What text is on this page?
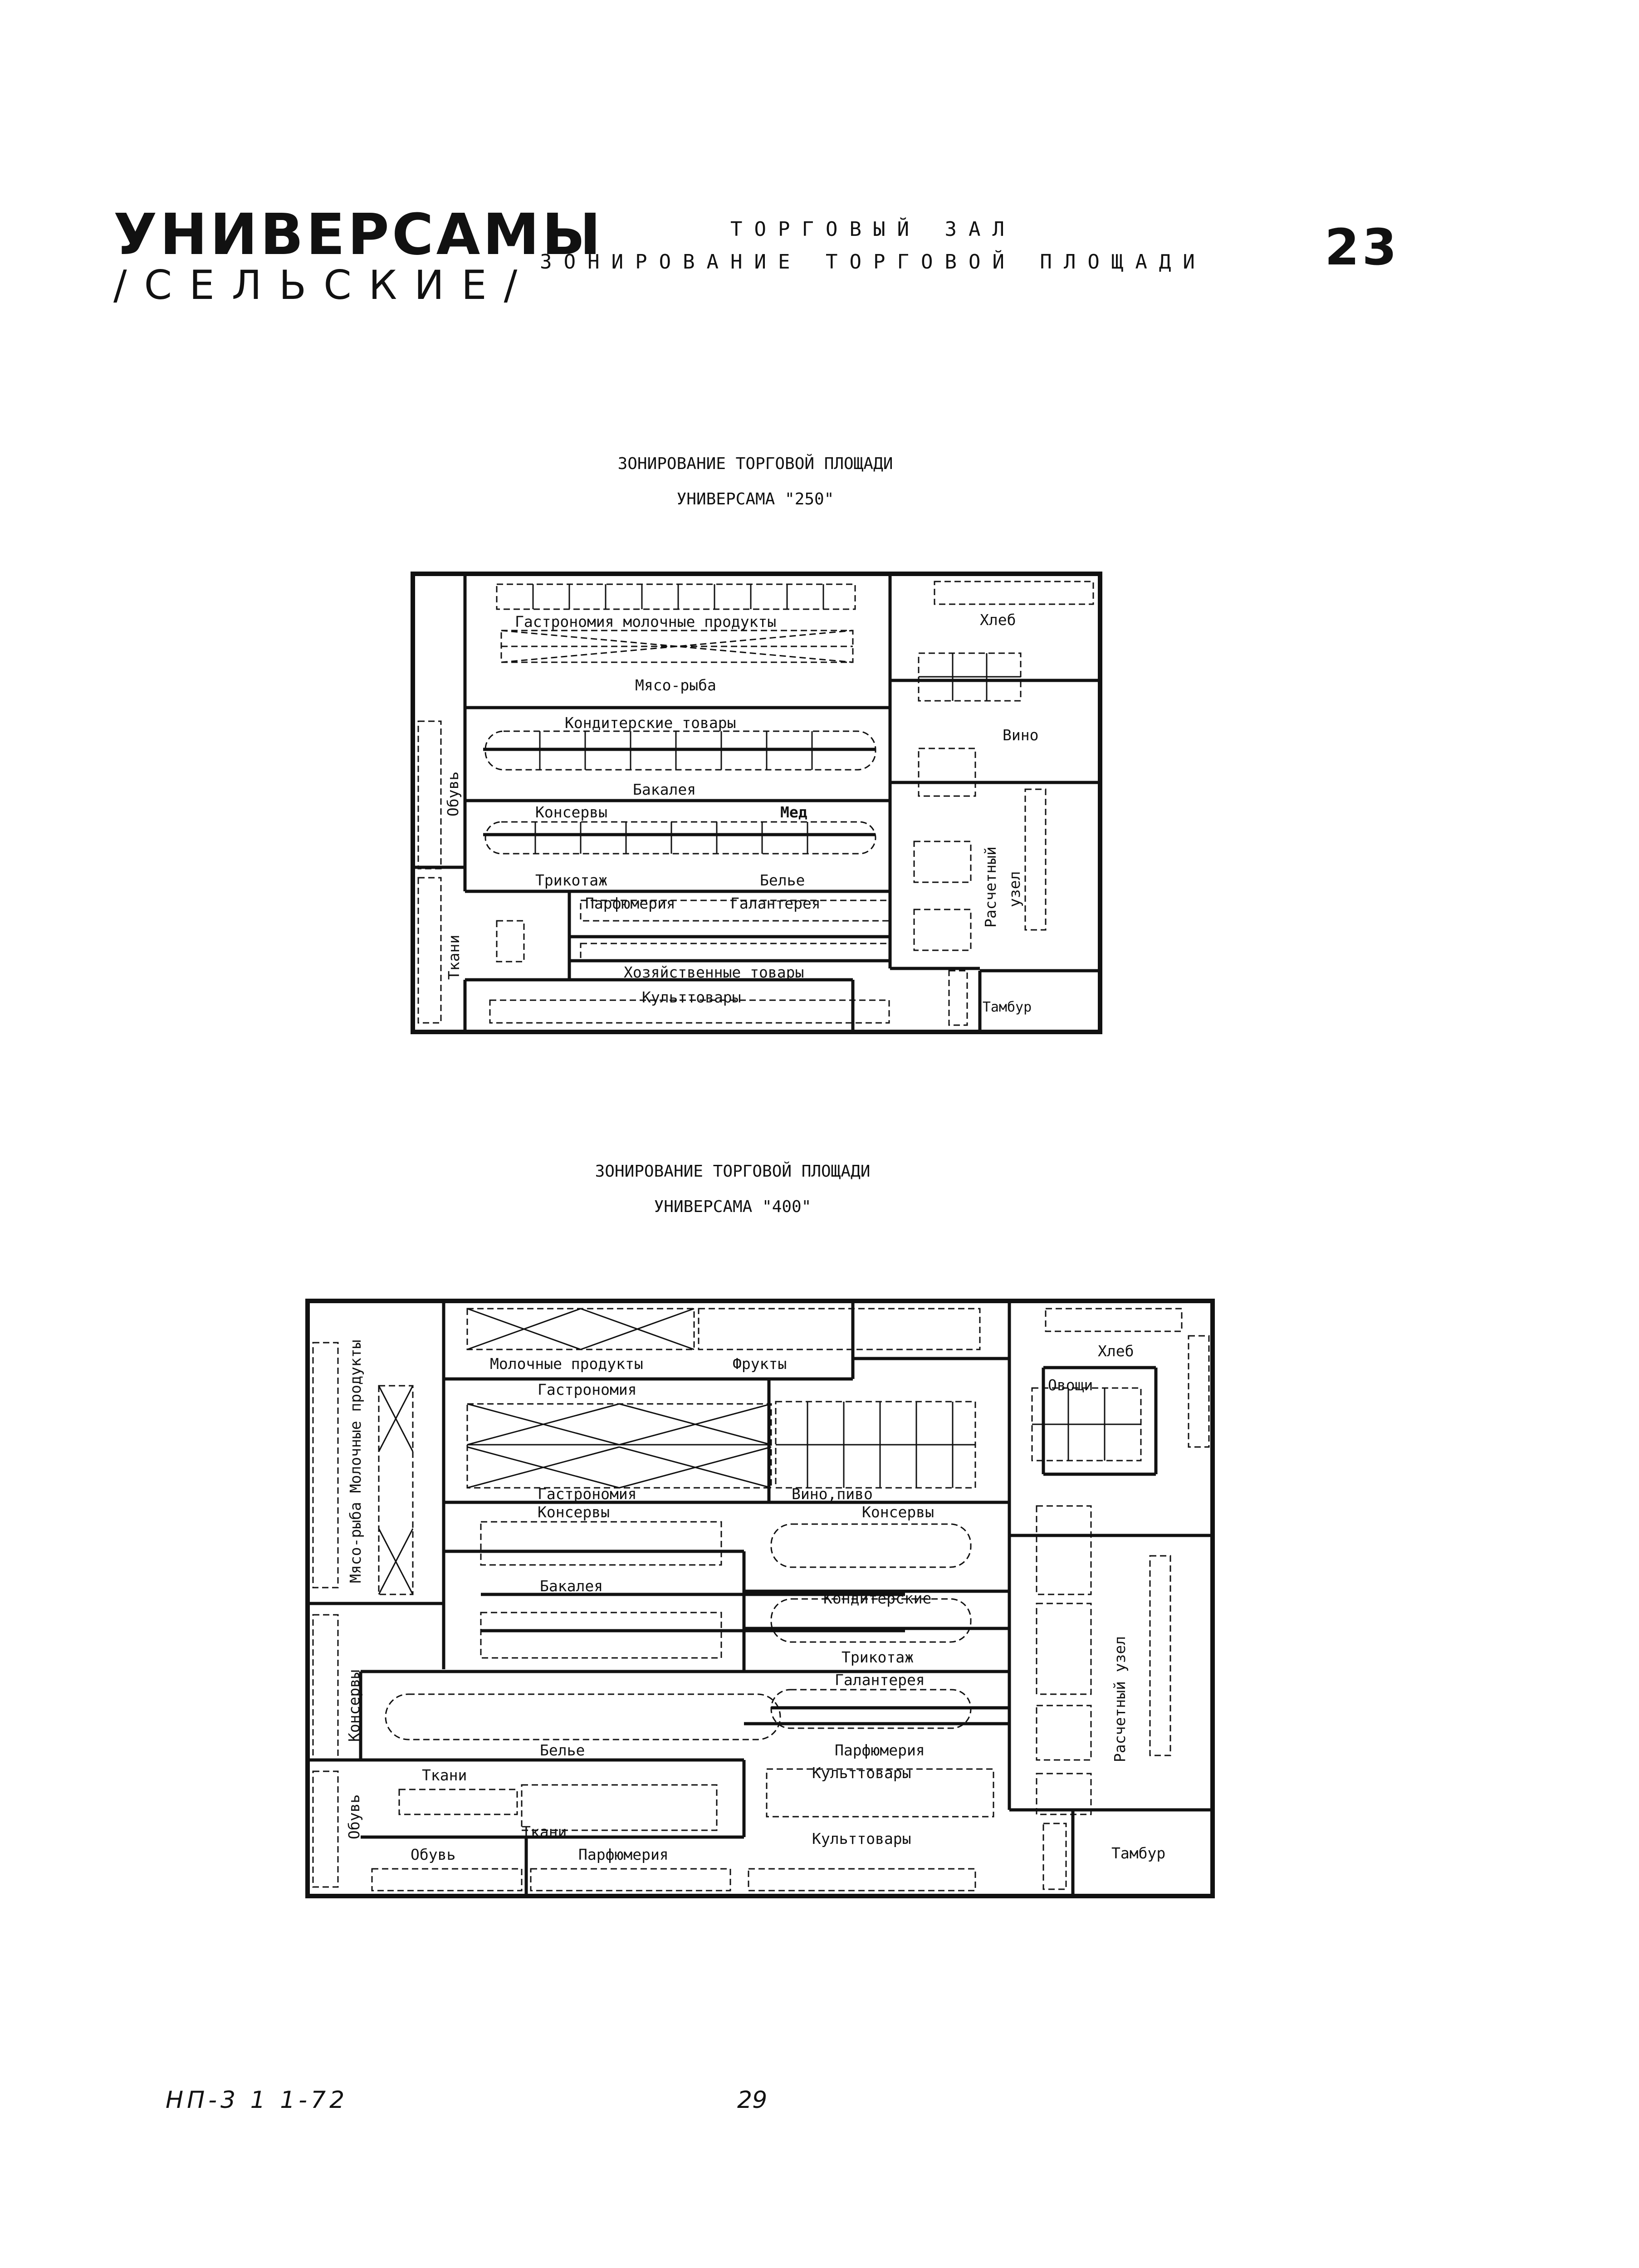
УНИВЕРСАМЫ
/СЕЛЬСКИЕ/
ТОРГОВЫЙ ЗАЛ
ЗОНИРОВАНИЕ ТОРГОВОЙ ПЛОЩАДИ	23
ЗОНИРОВАНИЕ ТОРГОВОЙ ПЛОЩАДИ
УНИВЕРСАМА "250"
Гастрономия молочные продукты
Мясо-рыба
Кондитерские товары
Бакалея
Консервы	Мед
Трикотаж	Белье
Парфюмерия	Галантерея
Хозяйственные товары
Культтовары
Хлеб
Вино
Тамбур
Расчетный узел
Обувь
Ткани
ЗОНИРОВАНИЕ ТОРГОВОЙ ПЛОЩАДИ
УНИВЕРСАМА "400"
Мясо-рыба Молочные продукты	Молочные продукты	Фрукты
Гастрономия
Гастрономия	Вино,пиво
Консервы	Консервы
Бакалея
Кондитерские
Трикотаж
Галантерея
Консервы
Белье	Парфюмерия
Культтовары
Ткани
Ткани
Обувь
Обувь	Парфюмерия
Культтовары
Хлеб
Овощи
Расчетный узел
Тамбур
НП-3 1 1-72	29
